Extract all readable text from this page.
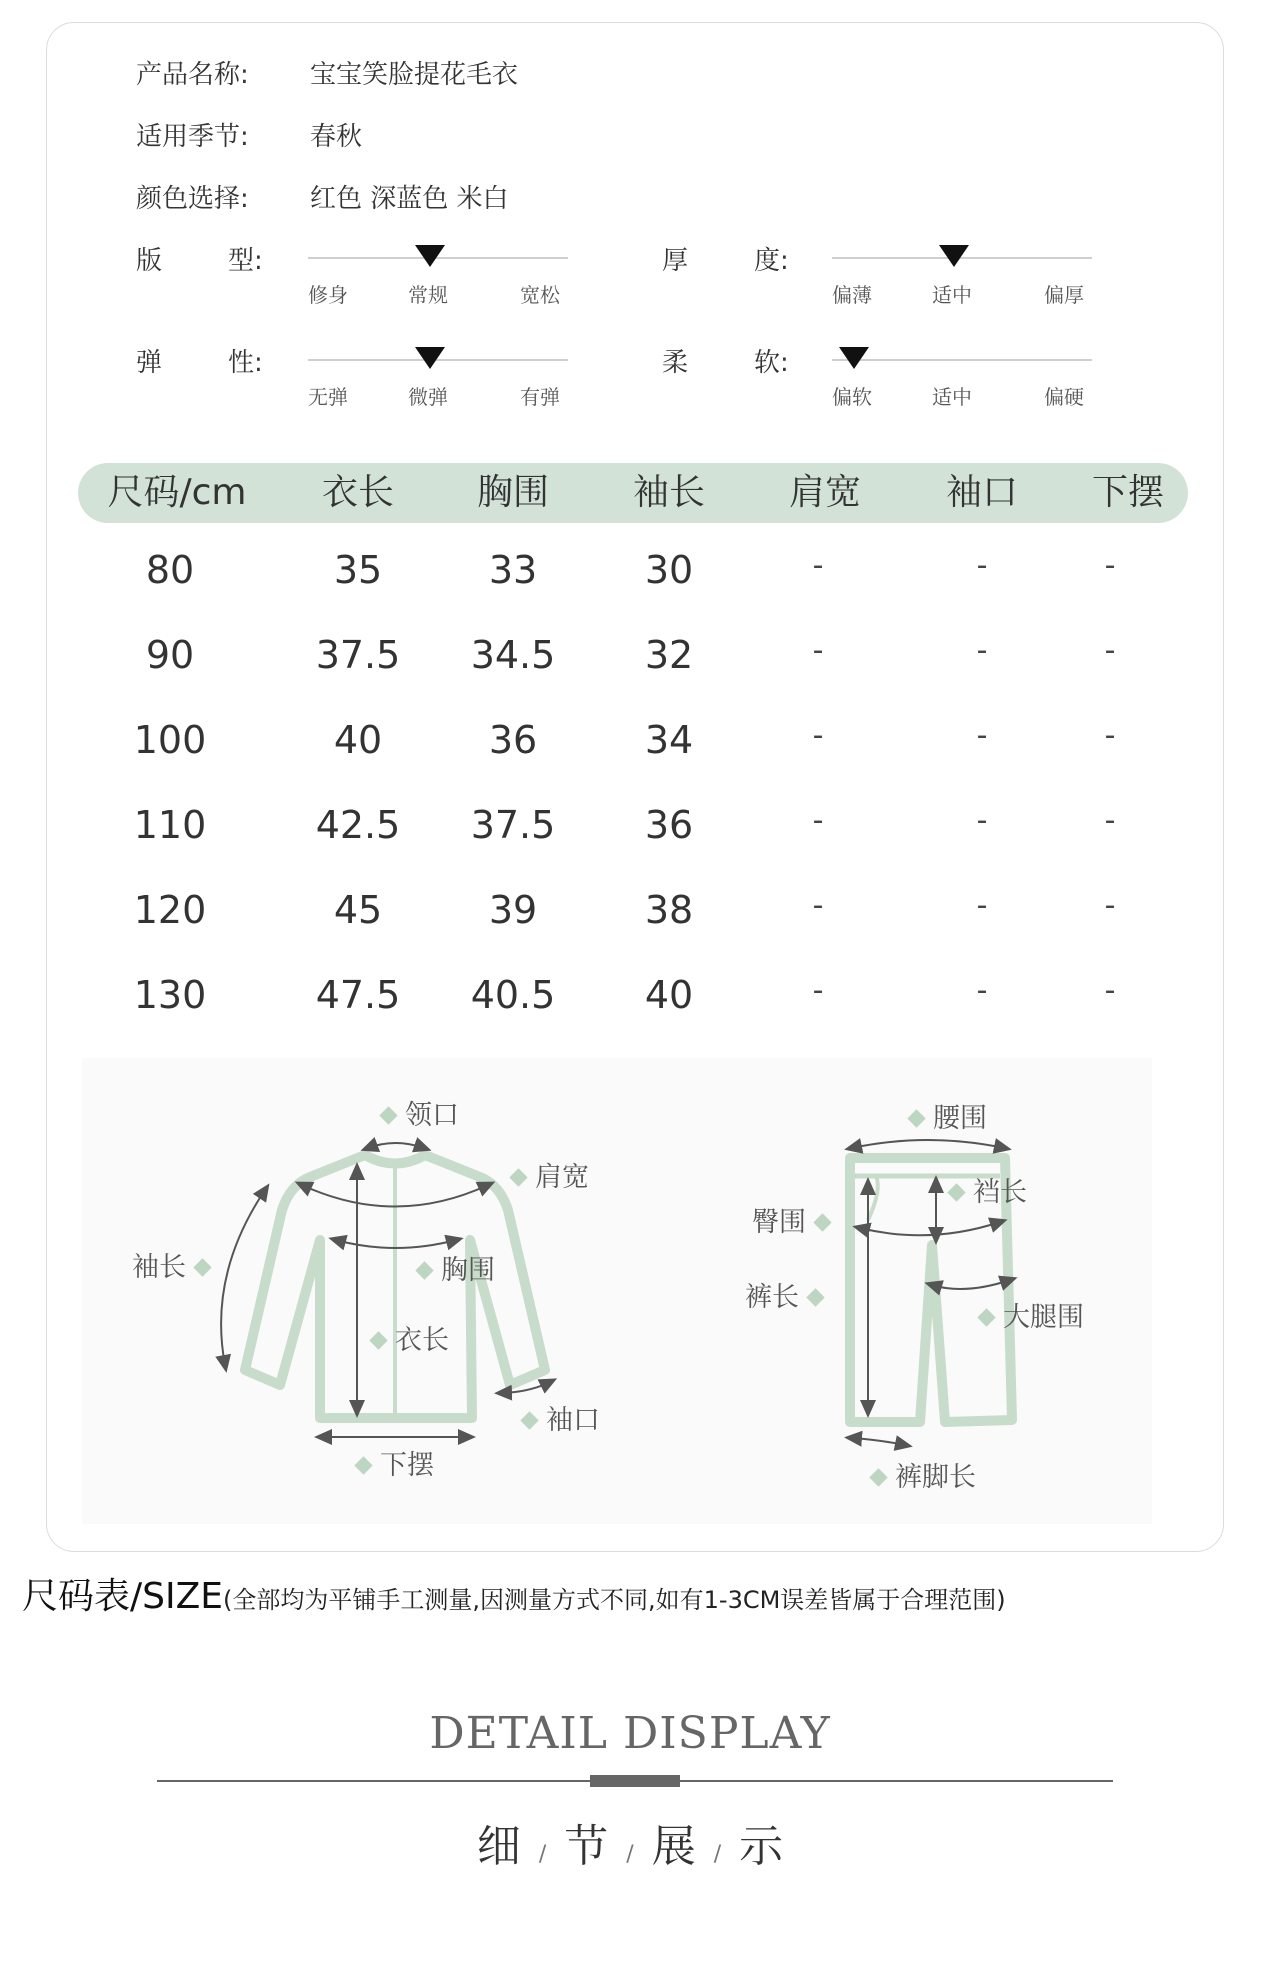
产品名称: 宝宝笑脸提花毛衣
适用季节: 春秋
颜色选择: 红色 深蓝色 米白
版	型:	厚	度:
弹	性:	柔	软:
修身	常规	宽松	偏薄	适中	偏厚
无弹	微弹	有弹	偏软	适中	偏硬
尺码/cm 衣长 胸围 袖长 肩宽 袖口 下摆
80	35	33	30	-	-	-
90	37.5 34.5 32	-	-	-
100	40	36	34	-	-	-
110	42.5 37.5 36	-	-	-
120	45	39	38	-	-	-
130	47.5 40.5 40	-	-	-
领口
肩宽
袖长	胸围
衣长
袖口
下摆
腰围
裆长
臀围
裤长
大腿围
裤脚长
尺码表/SIZE(全部均为平铺手工测量,因测量方式不同,如有1-3CM误差皆属于合理范围)
DETAIL DISPLAY
细 / 节 / 展 / 示
